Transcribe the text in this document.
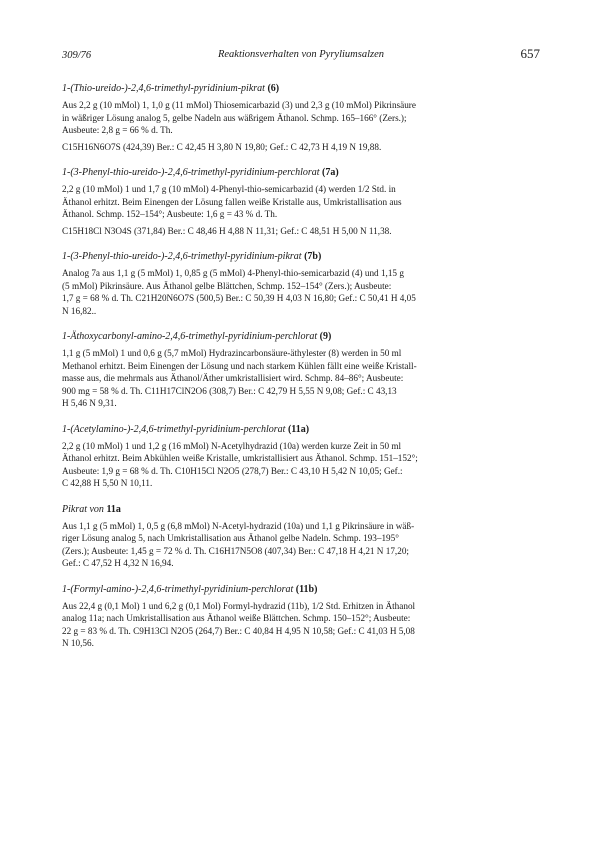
309/76	Reaktionsverhalten von Pyryliumsalzen	657

1-(Thio-ureido-)-2,4,6-trimethyl-pyridinium-pikrat (6)

Aus 2,2 g (10 mMol) 1, 1,0 g (11 mMol) Thiosemicarbazid (3) und 2,3 g (10 mMol) Pikrinsäure
in wäßriger Lösung analog 5, gelbe Nadeln aus wäßrigem Äthanol. Schmp. 165–166° (Zers.);
Ausbeute: 2,8 g = 66 % d. Th.

C15H16N6O7S (424,39) Ber.: C 42,45 H 3,80 N 19,80; Gef.: C 42,73 H 4,19 N 19,88.

1-(3-Phenyl-thio-ureido-)-2,4,6-trimethyl-pyridinium-perchlorat (7a)

2,2 g (10 mMol) 1 und 1,7 g (10 mMol) 4-Phenyl-thio-semicarbazid (4) werden 1/2 Std. in
Äthanol erhitzt. Beim Einengen der Lösung fallen weiße Kristalle aus, Umkristallisation aus
Äthanol. Schmp. 152–154°; Ausbeute: 1,6 g = 43 % d. Th.

C15H18Cl N3O4S (371,84) Ber.: C 48,46 H 4,88 N 11,31; Gef.: C 48,51 H 5,00 N 11,38.

1-(3-Phenyl-thio-ureido-)-2,4,6-trimethyl-pyridinium-pikrat (7b)

Analog 7a aus 1,1 g (5 mMol) 1, 0,85 g (5 mMol) 4-Phenyl-thio-semicarbazid (4) und 1,15 g
(5 mMol) Pikrinsäure. Aus Äthanol gelbe Blättchen, Schmp. 152–154° (Zers.); Ausbeute:
1,7 g = 68 % d. Th. C21H20N6O7S (500,5) Ber.: C 50,39 H 4,03 N 16,80; Gef.: C 50,41 H 4,05
N 16,82..

1-Äthoxycarbonyl-amino-2,4,6-trimethyl-pyridinium-perchlorat (9)

1,1 g (5 mMol) 1 und 0,6 g (5,7 mMol) Hydrazincarbonsäure-äthylester (8) werden in 50 ml
Methanol erhitzt. Beim Einengen der Lösung und nach starkem Kühlen fällt eine weiße Kristall-
masse aus, die mehrmals aus Äthanol/Äther umkristallisiert wird. Schmp. 84–86°; Ausbeute:
900 mg = 58 % d. Th. C11H17ClN2O6 (308,7) Ber.: C 42,79 H 5,55 N 9,08; Gef.: C 43,13
H 5,46 N 9,31.

1-(Acetylamino-)-2,4,6-trimethyl-pyridinium-perchlorat (11a)

2,2 g (10 mMol) 1 und 1,2 g (16 mMol) N-Acetylhydrazid (10a) werden kurze Zeit in 50 ml
Äthanol erhitzt. Beim Abkühlen weiße Kristalle, umkristallisiert aus Äthanol. Schmp. 151–152°;
Ausbeute: 1,9 g = 68 % d. Th. C10H15Cl N2O5 (278,7) Ber.: C 43,10 H 5,42 N 10,05; Gef.:
C 42,88 H 5,50 N 10,11.

Pikrat von 11a

Aus 1,1 g (5 mMol) 1, 0,5 g (6,8 mMol) N-Acetyl-hydrazid (10a) und 1,1 g Pikrinsäure in wäß-
riger Lösung analog 5, nach Umkristallisation aus Äthanol gelbe Nadeln. Schmp. 193–195°
(Zers.); Ausbeute: 1,45 g = 72 % d. Th. C16H17N5O8 (407,34) Ber.: C 47,18 H 4,21 N 17,20;
Gef.: C 47,52 H 4,32 N 16,94.

1-(Formyl-amino-)-2,4,6-trimethyl-pyridinium-perchlorat (11b)

Aus 22,4 g (0,1 Mol) 1 und 6,2 g (0,1 Mol) Formyl-hydrazid (11b), 1/2 Std. Erhitzen in Äthanol
analog 11a; nach Umkristallisation aus Äthanol weiße Blättchen. Schmp. 150–152°; Ausbeute:
22 g = 83 % d. Th. C9H13Cl N2O5 (264,7) Ber.: C 40,84 H 4,95 N 10,58; Gef.: C 41,03 H 5,08
N 10,56.
